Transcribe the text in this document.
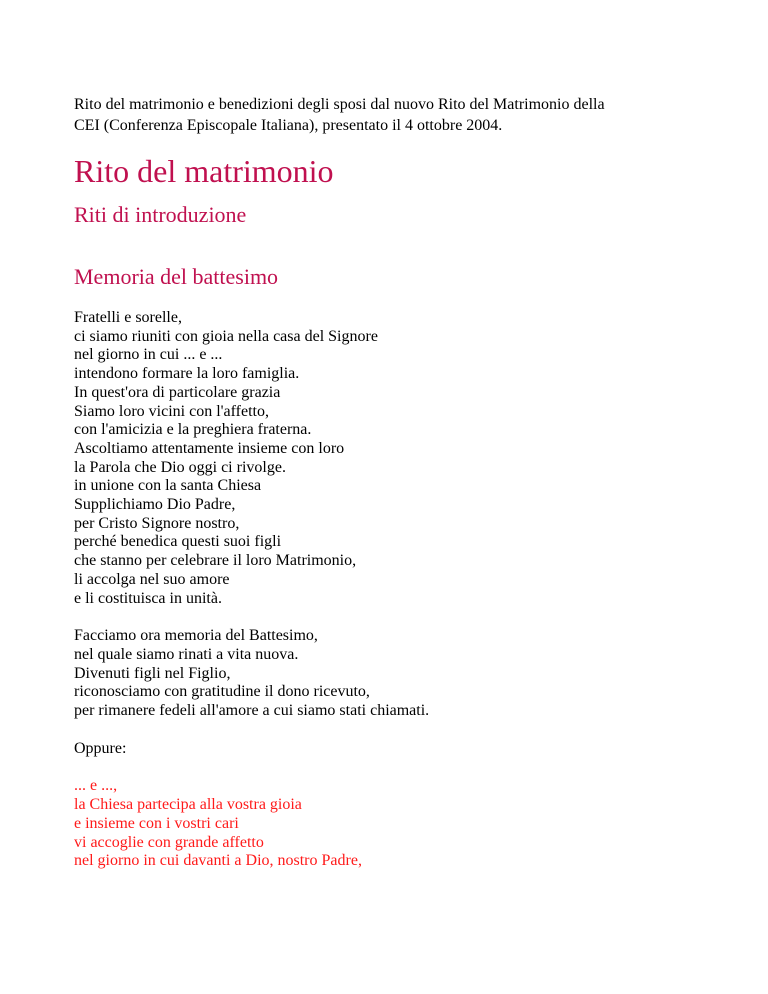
Rito del matrimonio e benedizioni degli sposi dal nuovo Rito del Matrimonio della
CEI (Conferenza Episcopale Italiana), presentato il 4 ottobre 2004.

Rito del matrimonio
Riti di introduzione
Memoria del battesimo
Fratelli e sorelle,
ci siamo riuniti con gioia nella casa del Signore
nel giorno in cui ... e ...
intendono formare la loro famiglia.
In quest'ora di particolare grazia
Siamo loro vicini con l'affetto,
con l'amicizia e la preghiera fraterna.
Ascoltiamo attentamente insieme con loro
la Parola che Dio oggi ci rivolge.
in unione con la santa Chiesa
Supplichiamo Dio Padre,
per Cristo Signore nostro,
perché benedica questi suoi figli
che stanno per celebrare il loro Matrimonio,
li accolga nel suo amore
e li costituisca in unità.
Facciamo ora memoria del Battesimo,
nel quale siamo rinati a vita nuova.
Divenuti figli nel Figlio,
riconosciamo con gratitudine il dono ricevuto,
per rimanere fedeli all'amore a cui siamo stati chiamati.
Oppure:
... e ...,
la Chiesa partecipa alla vostra gioia
e insieme con i vostri cari
vi accoglie con grande affetto
nel giorno in cui davanti a Dio, nostro Padre,
